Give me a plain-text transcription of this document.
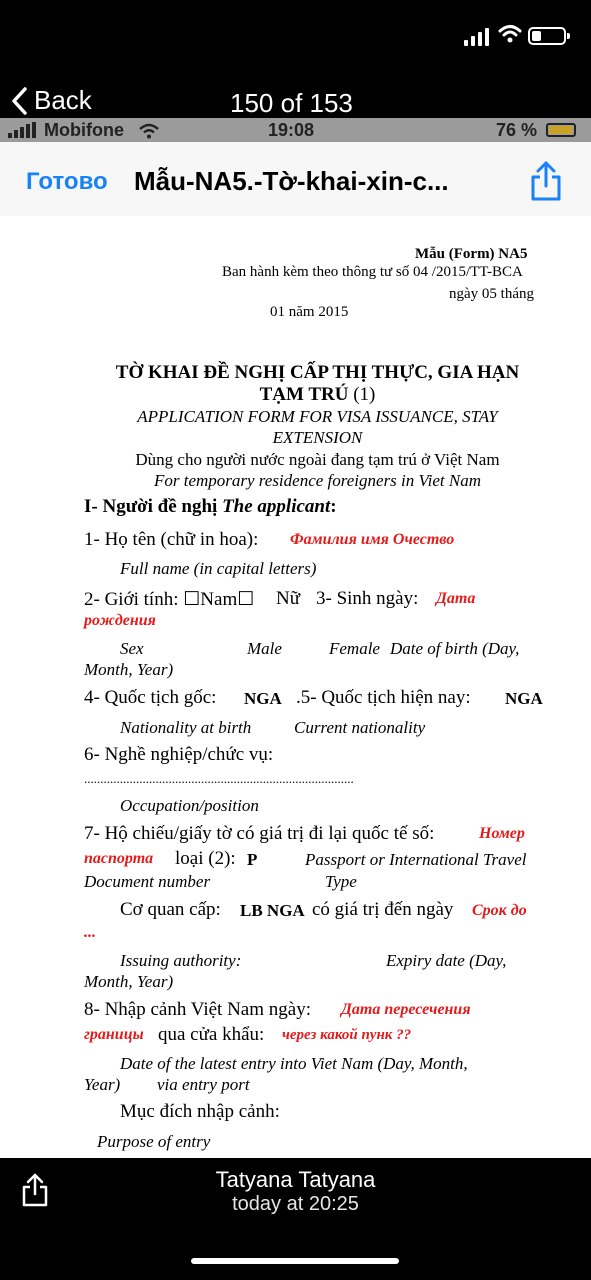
23:40
Back	150 of 153
Mobifone	19:08	76 %
Готово Mẫu-NA5.-Tờ-khai-xin-c...
Mẫu (Form) NA5
Ban hành kèm theo thông tư số 04 /2015/TT-BCA
ngày 05 tháng
01 năm 2015
TỜ KHAI ĐỀ NGHỊ CẤP THỊ THỰC, GIA HẠN
TẠM TRÚ (1)
APPLICATION FORM FOR VISA ISSUANCE, STAY
EXTENSION
Dùng cho người nước ngoài đang tạm trú ở Việt Nam
For temporary residence foreigners in Viet Nam
I- Người đề nghị The applicant:
1- Họ tên (chữ in hoa): Фамилия имя Очество
Full name (in capital letters)
2- Giới tính: ☐Nam☐ Nữ 3- Sinh ngày: Дата
рождения
Sex	Male	Female Date of birth (Day,
Month, Year)
4- Quốc tịch gốc: NGA .5- Quốc tịch hiện nay: NGA
Nationality at birth	Current nationality
6- Nghề nghiệp/chức vụ:
...................................................................................
Occupation/position
7- Hộ chiếu/giấy tờ có giá trị đi lại quốc tế số:	Номер
паспорта loại (2): P	Passport or International Travel
Document number	Type
Cơ quan cấp: LB NGA có giá trị đến ngày Срок до
...
Issuing authority:	Expiry date (Day,
Month, Year)
8- Nhập cảnh Việt Nam ngày: Дата пересечения
границы qua cửa khẩu: через какой пунк ??
Date of the latest entry into Viet Nam (Day, Month,
Year) via entry port
Mục đích nhập cảnh:
Purpose of entry
Tatyana Tatyana
today at 20:25
